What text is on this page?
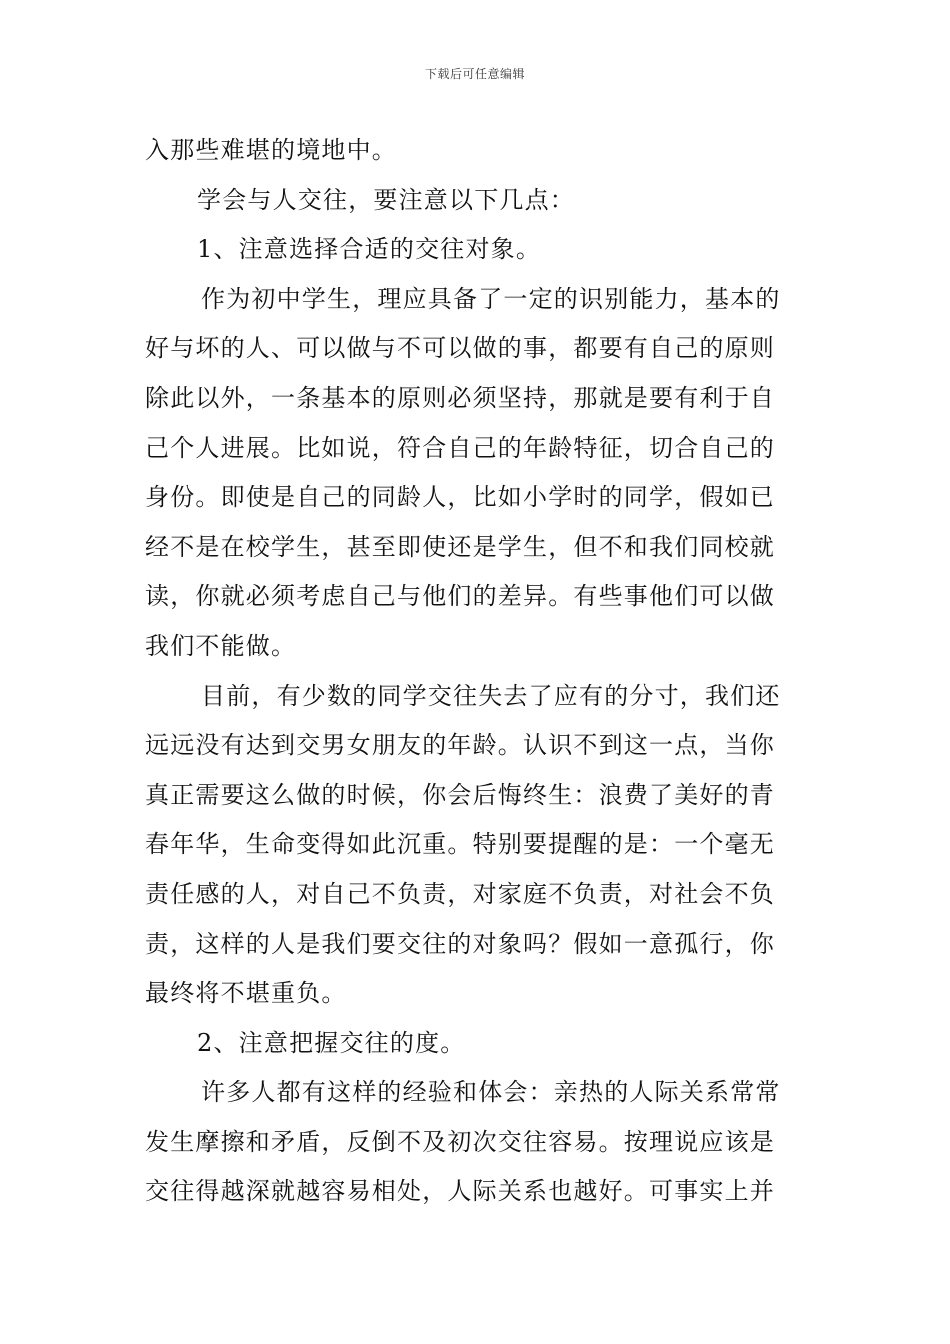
下载后可任意编辑
入那些难堪的境地中。
学会与人交往，要注意以下几点：
1、注意选择合适的交往对象。
作为初中学生，理应具备了一定的识别能力，基本的
好与坏的人、可以做与不可以做的事，都要有自己的原则
除此以外，一条基本的原则必须坚持，那就是要有利于自
己个人进展。比如说，符合自己的年龄特征，切合自己的
身份。即使是自己的同龄人，比如小学时的同学，假如已
经不是在校学生，甚至即使还是学生，但不和我们同校就
读，你就必须考虑自己与他们的差异。有些事他们可以做
我们不能做。
目前，有少数的同学交往失去了应有的分寸，我们还
远远没有达到交男女朋友的年龄。认识不到这一点，当你
真正需要这么做的时候，你会后悔终生：浪费了美好的青
春年华，生命变得如此沉重。特别要提醒的是：一个毫无
责任感的人，对自己不负责，对家庭不负责，对社会不负
责，这样的人是我们要交往的对象吗？假如一意孤行，你
最终将不堪重负。
2、注意把握交往的度。
许多人都有这样的经验和体会：亲热的人际关系常常
发生摩擦和矛盾，反倒不及初次交往容易。按理说应该是
交往得越深就越容易相处，人际关系也越好。可事实上并
